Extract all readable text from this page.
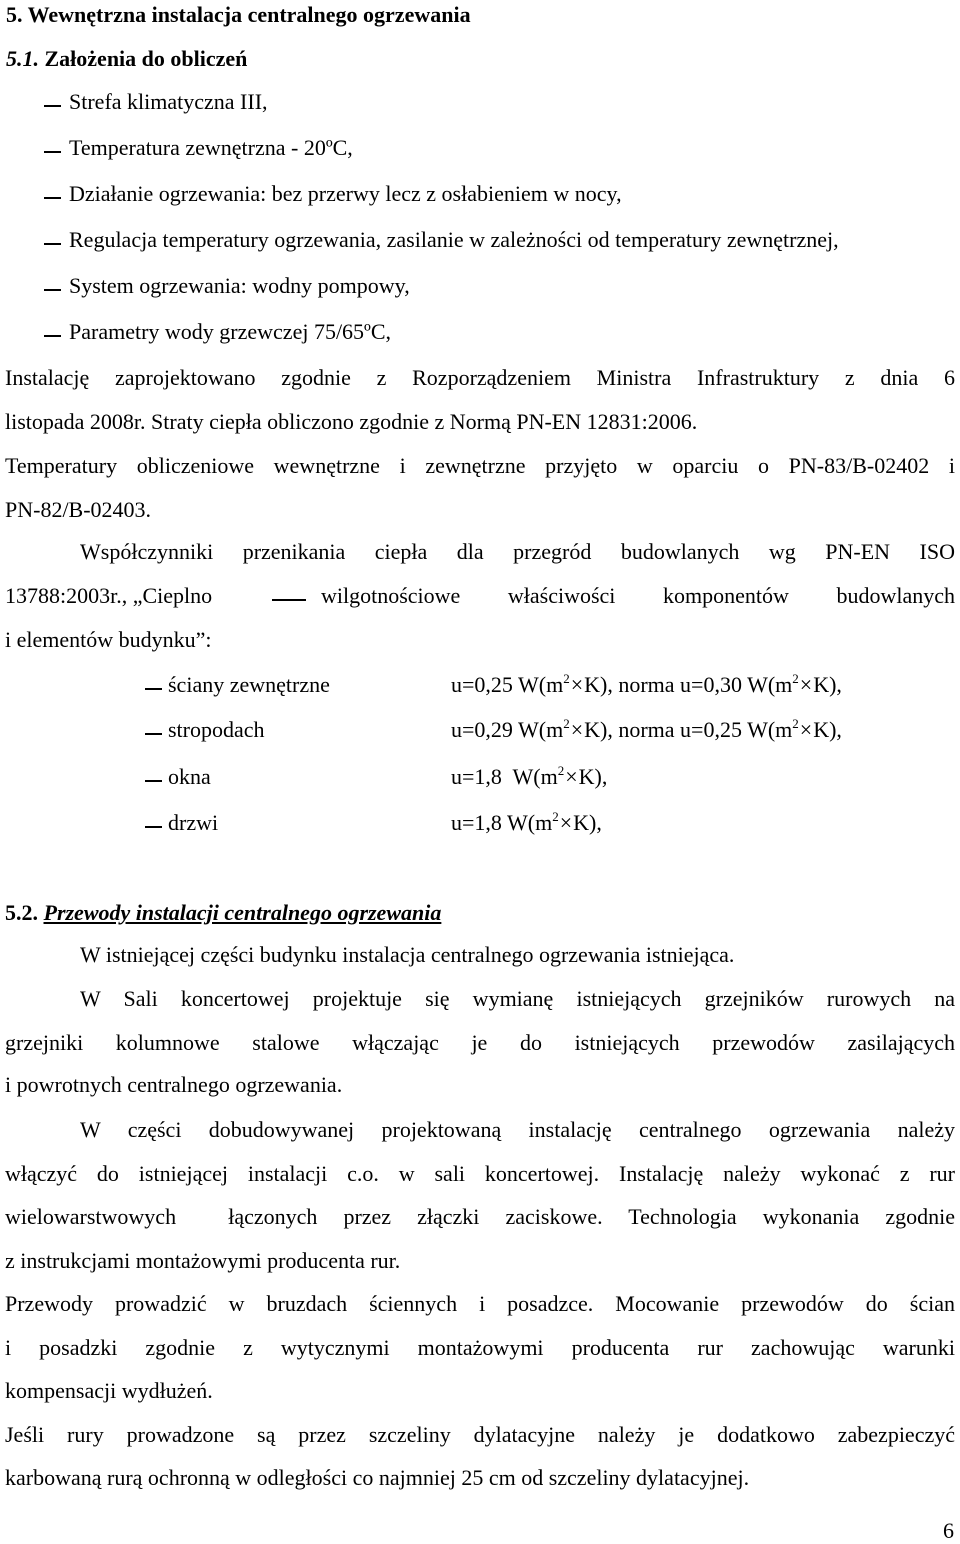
5. Wewnętrzna instalacja centralnego ogrzewania
5.1. Założenia do obliczeń
Strefa klimatyczna III,
Temperatura zewnętrzna - 20ºC,
Działanie ogrzewania: bez przerwy lecz z osłabieniem w nocy,
Regulacja temperatury ogrzewania, zasilanie w zależności od temperatury zewnętrznej,
System ogrzewania: wodny pompowy,
Parametry wody grzewczej 75/65ºC,
Instalację zaprojektowano zgodnie z Rozporządzeniem Ministra Infrastruktury z dnia 6
listopada 2008r. Straty ciepła obliczono zgodnie z Normą PN-EN 12831:2006.
Temperatury obliczeniowe wewnętrzne i zewnętrzne przyjęto w oparciu o PN-83/B-02402 i
PN-82/B-02403.
Współczynniki przenikania ciepła dla przegród budowlanych wg PN-EN ISO
13788:2003r., „Cieplno	wilgotnościowe właściwości komponentów budowlanych
i elementów budynku”:
ściany zewnętrzne	u=0,25 $W(m^2\times K)$, norma u=0,30 $W(m^2\times K)$,
stropodach	u=0,29 $W(m^2\times K)$, norma u=0,25 $W(m^2\times K)$,
okna	u=1,8  $W(m^2\times K)$,
drzwi	u=1,8 $W(m^2\times K)$,
5.2. Przewody instalacji centralnego ogrzewania
W istniejącej części budynku instalacja centralnego ogrzewania istniejąca.
W Sali koncertowej projektuje się wymianę istniejących grzejników rurowych na
grzejniki kolumnowe stalowe włączając je do istniejących przewodów zasilających
i powrotnych centralnego ogrzewania.
W części dobudowywanej projektowaną instalację centralnego ogrzewania należy
włączyć do istniejącej instalacji c.o. w sali koncertowej. Instalację należy wykonać z rur
wielowarstwowych  łączonych przez złączki zaciskowe. Technologia wykonania zgodnie
z instrukcjami montażowymi producenta rur.
Przewody prowadzić w bruzdach ściennych i posadzce. Mocowanie przewodów do ścian
i posadzki zgodnie z wytycznymi montażowymi producenta rur zachowując warunki
kompensacji wydłużeń.
Jeśli rury prowadzone są przez szczeliny dylatacyjne należy je dodatkowo zabezpieczyć
karbowaną rurą ochronną w odległości co najmniej 25 cm od szczeliny dylatacyjnej.
6
